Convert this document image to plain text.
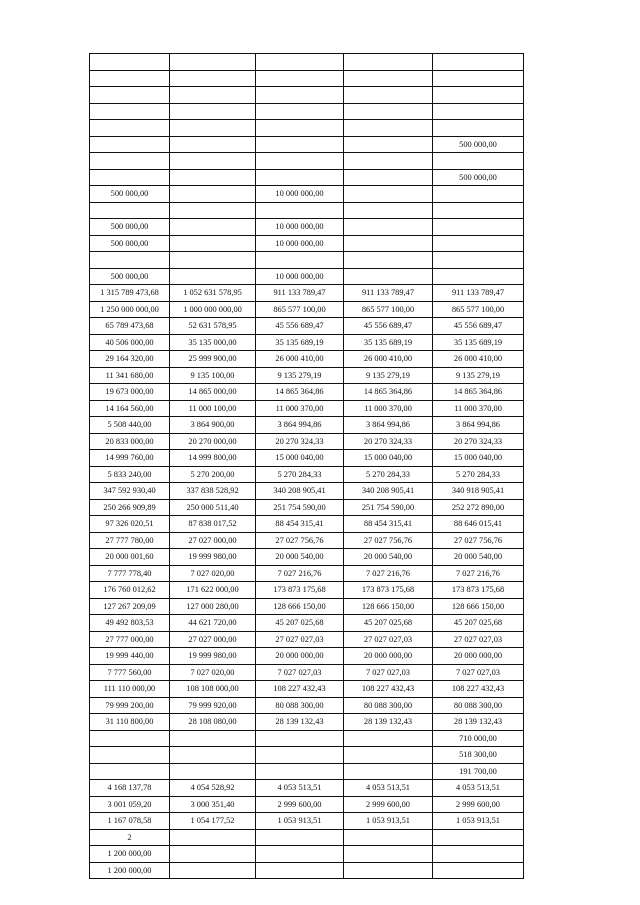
				500 000,00

				500 000,00
500 000,00		10 000 000,00		

500 000,00		10 000 000,00		
500 000,00		10 000 000,00		

500 000,00		10 000 000,00		
1 315 789 473,68	1 052 631 578,95	911 133 789,47	911 133 789,47	911 133 789,47
1 250 000 000,00	1 000 000 000,00	865 577 100,00	865 577 100,00	865 577 100,00
65 789 473,68	52 631 578,95	45 556 689,47	45 556 689,47	45 556 689,47
40 506 000,00	35 135 000,00	35 135 689,19	35 135 689,19	35 135 689,19
29 164 320,00	25 999 900,00	26 000 410,00	26 000 410,00	26 000 410,00
11 341 680,00	9 135 100,00	9 135 279,19	9 135 279,19	9 135 279,19
19 673 000,00	14 865 000,00	14 865 364,86	14 865 364,86	14 865 364,86
14 164 560,00	11 000 100,00	11 000 370,00	11 000 370,00	11 000 370,00
5 508 440,00	3 864 900,00	3 864 994,86	3 864 994,86	3 864 994,86
20 833 000,00	20 270 000,00	20 270 324,33	20 270 324,33	20 270 324,33
14 999 760,00	14 999 800,00	15 000 040,00	15 000 040,00	15 000 040,00
5 833 240,00	5 270 200,00	5 270 284,33	5 270 284,33	5 270 284,33
347 592 930,40	337 838 528,92	340 208 905,41	340 208 905,41	340 918 905,41
250 266 909,89	250 000 511,40	251 754 590,00	251 754 590,00	252 272 890,00
97 326 020,51	87 838 017,52	88 454 315,41	88 454 315,41	88 646 015,41
27 777 780,00	27 027 000,00	27 027 756,76	27 027 756,76	27 027 756,76
20 000 001,60	19 999 980,00	20 000 540,00	20 000 540,00	20 000 540,00
7 777 778,40	7 027 020,00	7 027 216,76	7 027 216,76	7 027 216,76
176 760 012,62	171 622 000,00	173 873 175,68	173 873 175,68	173 873 175,68
127 267 209,09	127 000 280,00	128 666 150,00	128 666 150,00	128 666 150,00
49 492 803,53	44 621 720,00	45 207 025,68	45 207 025,68	45 207 025,68
27 777 000,00	27 027 000,00	27 027 027,03	27 027 027,03	27 027 027,03
19 999 440,00	19 999 980,00	20 000 000,00	20 000 000,00	20 000 000,00
7 777 560,00	7 027 020,00	7 027 027,03	7 027 027,03	7 027 027,03
111 110 000,00	108 108 000,00	108 227 432,43	108 227 432,43	108 227 432,43
79 999 200,00	79 999 920,00	80 088 300,00	80 088 300,00	80 088 300,00
31 110 800,00	28 108 080,00	28 139 132,43	28 139 132,43	28 139 132,43
				710 000,00
				518 300,00
				191 700,00
4 168 137,78	4 054 528,92	4 053 513,51	4 053 513,51	4 053 513,51
3 001 059,20	3 000 351,40	2 999 600,00	2 999 600,00	2 999 600,00
1 167 078,58	1 054 177,52	1 053 913,51	1 053 913,51	1 053 913,51
2				
1 200 000,00				
1 200 000,00				
